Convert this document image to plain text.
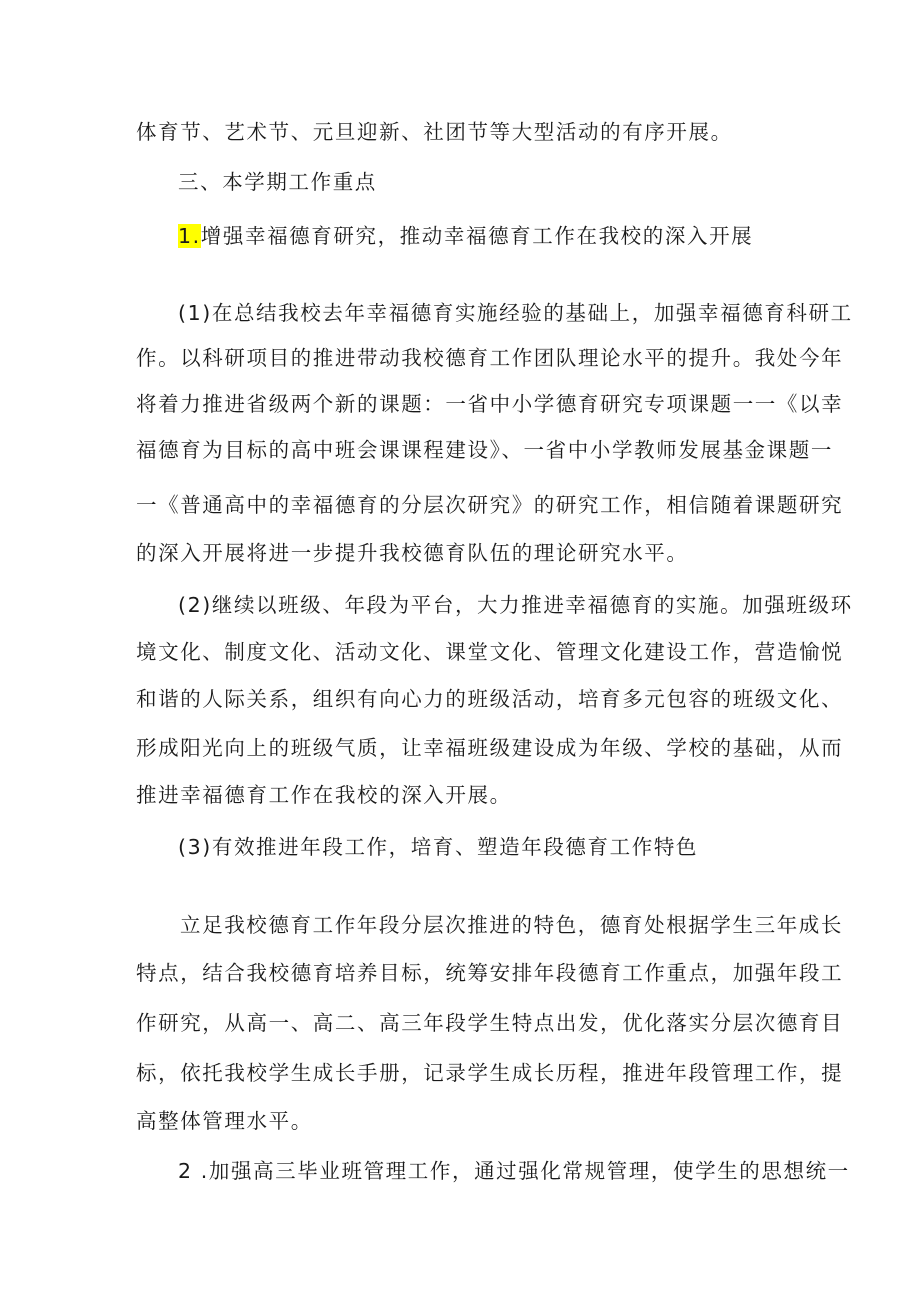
体育节、艺术节、元旦迎新、社团节等大型活动的有序开展。

三、本学期工作重点

1.增强幸福德育研究，推动幸福德育工作在我校的深入开展

(1)在总结我校去年幸福德育实施经验的基础上，加强幸福德育科研工

作。以科研项目的推进带动我校德育工作团队理论水平的提升。我处今年

将着力推进省级两个新的课题：一省中小学德育研究专项课题一一《以幸

福德育为目标的高中班会课课程建设》、一省中小学教师发展基金课题一

一《普通高中的幸福德育的分层次研究》的研究工作，相信随着课题研究

的深入开展将进一步提升我校德育队伍的理论研究水平。

(2)继续以班级、年段为平台，大力推进幸福德育的实施。加强班级环

境文化、制度文化、活动文化、课堂文化、管理文化建设工作，营造愉悦

和谐的人际关系，组织有向心力的班级活动，培育多元包容的班级文化、

形成阳光向上的班级气质，让幸福班级建设成为年级、学校的基础，从而

推进幸福德育工作在我校的深入开展。

(3)有效推进年段工作，培育、塑造年段德育工作特色

立足我校德育工作年段分层次推进的特色，德育处根据学生三年成长

特点，结合我校德育培养目标，统筹安排年段德育工作重点，加强年段工

作研究，从高一、高二、高三年段学生特点出发，优化落实分层次德育目

标，依托我校学生成长手册，记录学生成长历程，推进年段管理工作，提

高整体管理水平。

2 .加强高三毕业班管理工作，通过强化常规管理，使学生的思想统一
